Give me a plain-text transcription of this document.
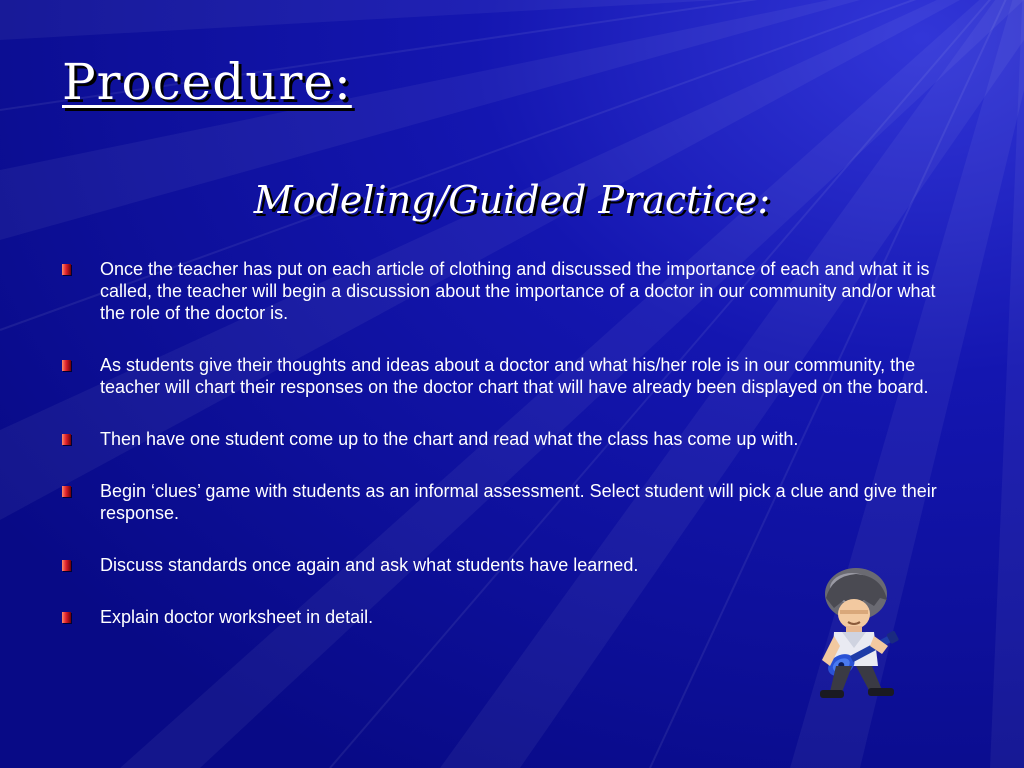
Procedure:
Modeling/Guided Practice:
Once the teacher has put on each article of clothing and discussed the importance of each and what it is called, the teacher will begin a discussion about the importance of a doctor in our community and/or what the role of the doctor is.
As students give their thoughts and ideas about a doctor and what his/her role is in our community, the teacher will chart their responses on the doctor chart that will have already been displayed on the board.
Then have one student come up to the chart and read what the class has come up with.
Begin ‘clues’ game with students as an informal assessment. Select student will pick a clue and give their response.
Discuss standards once again and ask what students have learned.
Explain doctor worksheet in detail.
